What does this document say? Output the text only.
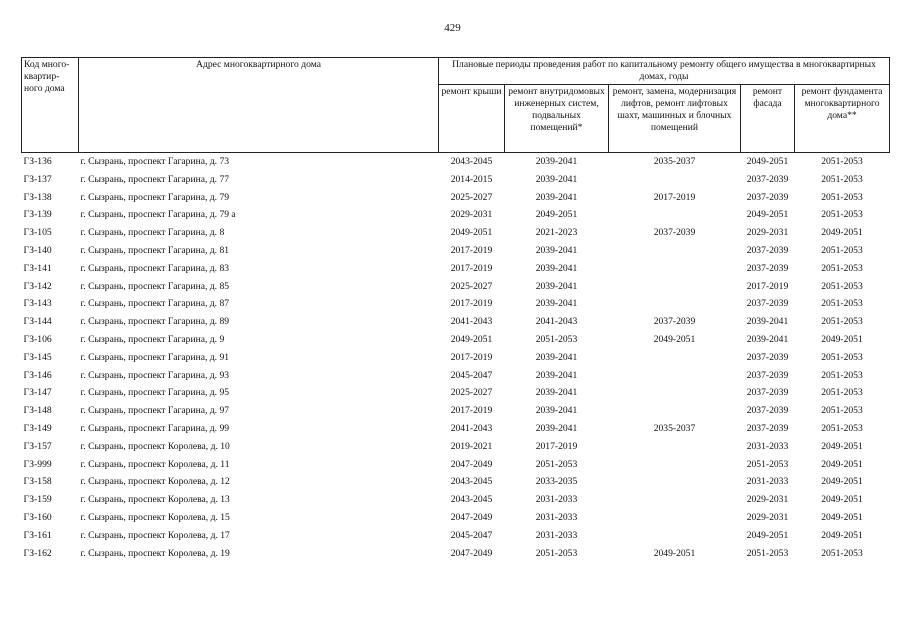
429
Код много- квартир- ного дома	Адрес многоквартирного дома	Плановые периоды проведения работ по капитальному ремонту общего имущества в многоквартирных домах, годы				
		ремонт крыши	ремонт внутридомовых инженерных систем, подвальных помещений*	ремонт, замена, модернизация лифтов, ремонт лифтовых шахт, машинных и блочных помещений	ремонт фасада	ремонт фундамента многоквартирного дома**
ГЗ-136	г. Сызрань, проспект Гагарина, д. 73	2043-2045	2039-2041	2035-2037	2049-2051	2051-2053
ГЗ-137	г. Сызрань, проспект Гагарина, д. 77	2014-2015	2039-2041		2037-2039	2051-2053
ГЗ-138	г. Сызрань, проспект Гагарина, д. 79	2025-2027	2039-2041	2017-2019	2037-2039	2051-2053
ГЗ-139	г. Сызрань, проспект Гагарина, д. 79 а	2029-2031	2049-2051		2049-2051	2051-2053
ГЗ-105	г. Сызрань, проспект Гагарина, д. 8	2049-2051	2021-2023	2037-2039	2029-2031	2049-2051
ГЗ-140	г. Сызрань, проспект Гагарина, д. 81	2017-2019	2039-2041		2037-2039	2051-2053
ГЗ-141	г. Сызрань, проспект Гагарина, д. 83	2017-2019	2039-2041		2037-2039	2051-2053
ГЗ-142	г. Сызрань, проспект Гагарина, д. 85	2025-2027	2039-2041		2017-2019	2051-2053
ГЗ-143	г. Сызрань, проспект Гагарина, д. 87	2017-2019	2039-2041		2037-2039	2051-2053
ГЗ-144	г. Сызрань, проспект Гагарина, д. 89	2041-2043	2041-2043	2037-2039	2039-2041	2051-2053
ГЗ-106	г. Сызрань, проспект Гагарина, д. 9	2049-2051	2051-2053	2049-2051	2039-2041	2049-2051
ГЗ-145	г. Сызрань, проспект Гагарина, д. 91	2017-2019	2039-2041		2037-2039	2051-2053
ГЗ-146	г. Сызрань, проспект Гагарина, д. 93	2045-2047	2039-2041		2037-2039	2051-2053
ГЗ-147	г. Сызрань, проспект Гагарина, д. 95	2025-2027	2039-2041		2037-2039	2051-2053
ГЗ-148	г. Сызрань, проспект Гагарина, д. 97	2017-2019	2039-2041		2037-2039	2051-2053
ГЗ-149	г. Сызрань, проспект Гагарина, д. 99	2041-2043	2039-2041	2035-2037	2037-2039	2051-2053
ГЗ-157	г. Сызрань, проспект Королева, д. 10	2019-2021	2017-2019		2031-2033	2049-2051
ГЗ-999	г. Сызрань, проспект Королева, д. 11	2047-2049	2051-2053		2051-2053	2049-2051
ГЗ-158	г. Сызрань, проспект Королева, д. 12	2043-2045	2033-2035		2031-2033	2049-2051
ГЗ-159	г. Сызрань, проспект Королева, д. 13	2043-2045	2031-2033		2029-2031	2049-2051
ГЗ-160	г. Сызрань, проспект Королева, д. 15	2047-2049	2031-2033		2029-2031	2049-2051
ГЗ-161	г. Сызрань, проспект Королева, д. 17	2045-2047	2031-2033		2049-2051	2049-2051
ГЗ-162	г. Сызрань, проспект Королева, д. 19	2047-2049	2051-2053	2049-2051	2051-2053	2051-2053
